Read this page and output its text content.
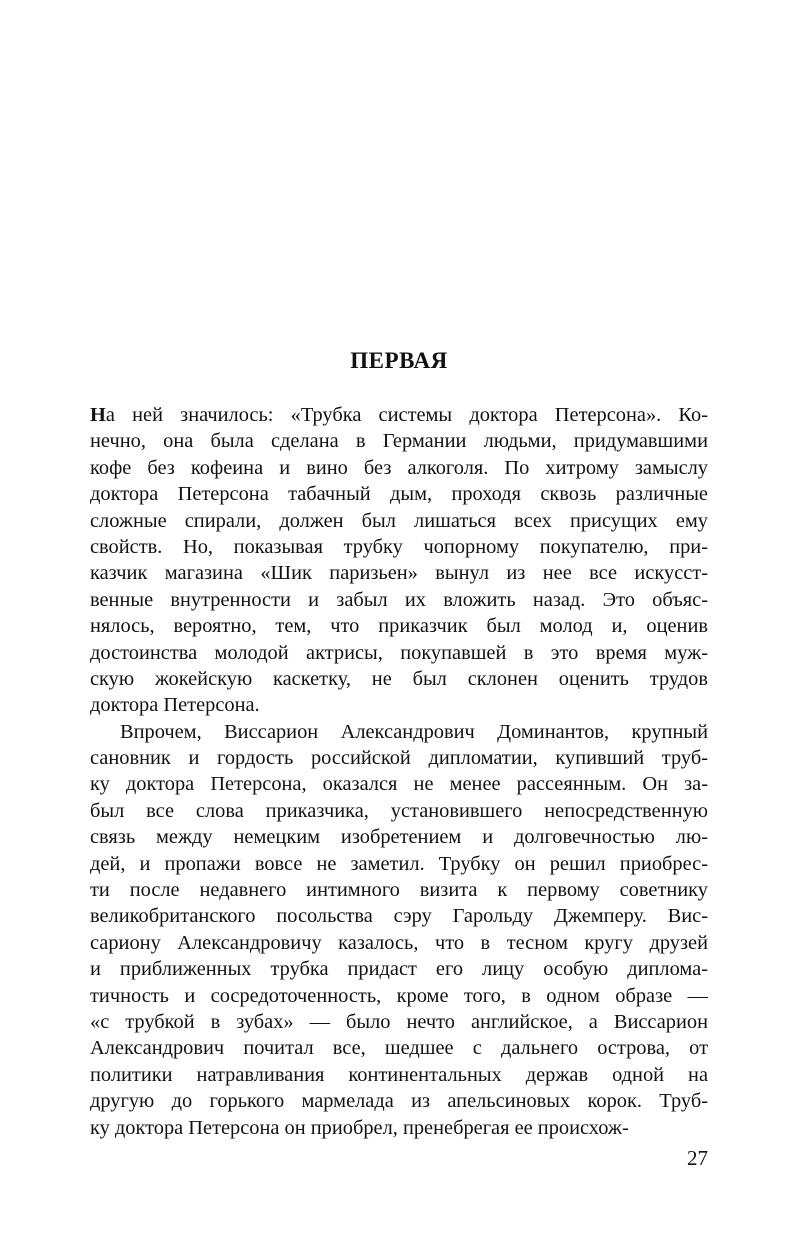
ПЕРВАЯ
На ней значилось: «Трубка системы доктора Петерсона». Ко-
нечно, она была сделана в Германии людьми, придумавшими
кофе без кофеина и вино без алкоголя. По хитрому замыслу
доктора Петерсона табачный дым, проходя сквозь различные
сложные спирали, должен был лишаться всех присущих ему
свойств. Но, показывая трубку чопорному покупателю, при-
казчик магазина «Шик паризьен» вынул из нее все искусст-
венные внутренности и забыл их вложить назад. Это объяс-
нялось, вероятно, тем, что приказчик был молод и, оценив
достоинства молодой актрисы, покупавшей в это время муж-
скую жокейскую каскетку, не был склонен оценить трудов
доктора Петерсона.
Впрочем, Виссарион Александрович Доминантов, крупный
сановник и гордость российской дипломатии, купивший труб-
ку доктора Петерсона, оказался не менее рассеянным. Он за-
был все слова приказчика, установившего непосредственную
связь между немецким изобретением и долговечностью лю-
дей, и пропажи вовсе не заметил. Трубку он решил приобрес-
ти после недавнего интимного визита к первому советнику
великобританского посольства сэру Гарольду Джемперу. Вис-
сариону Александровичу казалось, что в тесном кругу друзей
и приближенных трубка придаст его лицу особую диплома-
тичность и сосредоточенность, кроме того, в одном образе —
«с трубкой в зубах» — было нечто английское, а Виссарион
Александрович почитал все, шедшее с дальнего острова, от
политики натравливания континентальных держав одной на
другую до горького мармелада из апельсиновых корок. Труб-
ку доктора Петерсона он приобрел, пренебрегая ее происхож-
27
